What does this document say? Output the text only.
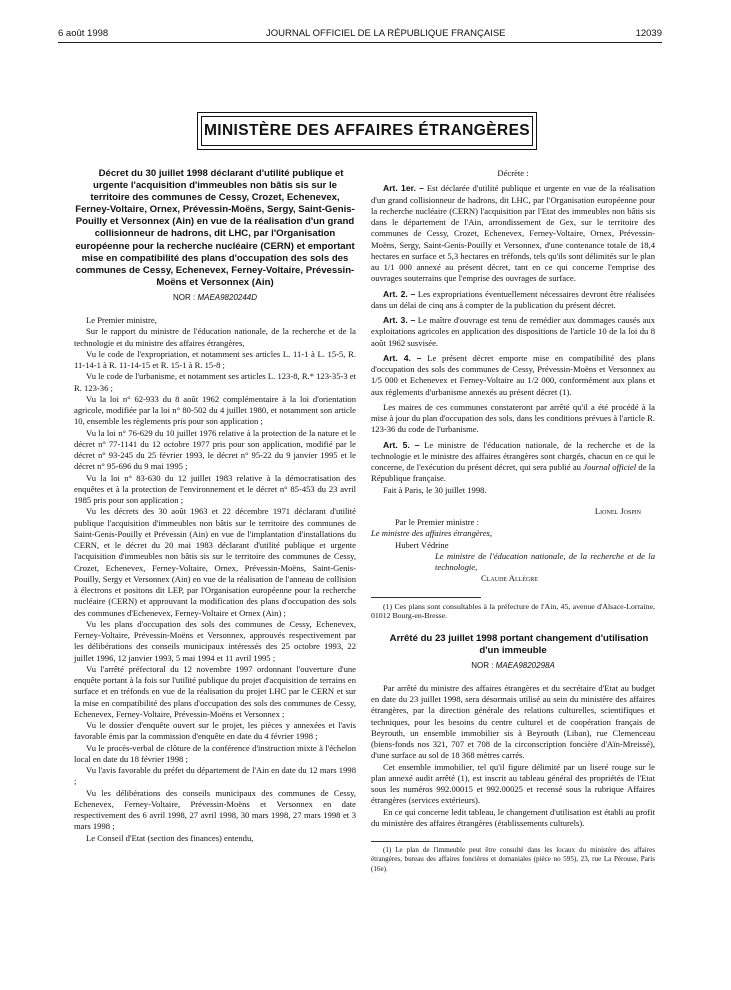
6 août 1998	JOURNAL OFFICIEL DE LA RÉPUBLIQUE FRANÇAISE	12039
MINISTÈRE DES AFFAIRES ÉTRANGÈRES

Décret du 30 juillet 1998 déclarant d'utilité publique et urgente l'acquisition d'immeubles non bâtis sis sur le territoire des communes de Cessy, Crozet, Echenevex, Ferney-Voltaire, Ornex, Prévessin-Moëns, Sergy, Saint-Genis-Pouilly et Versonnex (Ain) en vue de la réalisation d'un grand collisionneur de hadrons, dit LHC, par l'Organisation européenne pour la recherche nucléaire (CERN) et emportant mise en compatibilité des plans d'occupation des sols des communes de Cessy, Echenevex, Ferney-Voltaire, Prévessin-Moëns et Versonnex (Ain)

NOR : MAEA9820244D

Le Premier ministre,

Sur le rapport du ministre de l'éducation nationale, de la recherche et de la technologie et du ministre des affaires étrangères,

Vu le code de l'expropriation, et notamment ses articles L. 11-1 à L. 15-5, R. 11-14-1 à R. 11-14-15 et R. 15-1 à R. 15-8 ;

Vu le code de l'urbanisme, et notamment ses articles L. 123-8, R.* 123-35-3 et R. 123-36 ;

Vu la loi n° 62-933 du 8 août 1962 complémentaire à la loi d'orientation agricole, modifiée par la loi n° 80-502 du 4 juillet 1980, et notamment son article 10, ensemble les règlements pris pour son application ;

Vu la loi n° 76-629 du 10 juillet 1976 relative à la protection de la nature et le décret n° 77-1141 du 12 octobre 1977 pris pour son application, modifié par le décret n° 93-245 du 25 février 1993, le décret n° 95-22 du 9 janvier 1995 et le décret n° 95-696 du 9 mai 1995 ;

Vu la loi n° 83-630 du 12 juillet 1983 relative à la démocratisation des enquêtes et à la protection de l'environnement et le décret n° 85-453 du 23 avril 1985 pris pour son application ;

Vu les décrets des 30 août 1963 et 22 décembre 1971 déclarant d'utilité publique l'acquisition d'immeubles non bâtis sur le territoire des communes de Saint-Genis-Pouilly et Prévessin (Ain) en vue de l'implantation d'installations du CERN, et le décret du 20 mai 1983 déclarant d'utilité publique et urgente l'acquisition d'immeubles non bâtis sis sur le territoire des communes de Cessy, Crozet, Echenevex, Ferney-Voltaire, Ornex, Prévessin-Moëns, Saint-Genis-Pouilly, Sergy et Versonnex (Ain) en vue de la réalisation de l'anneau de collision à électrons et positons dit LEP, par l'Organisation européenne pour la recherche nucléaire (CERN) et approuvant la modification des plans d'occupation des sols des communes d'Echenevex, Ferney-Voltaire et Ornex (Ain) ;

Vu les plans d'occupation des sols des communes de Cessy, Echenevex, Ferney-Voltaire, Prévessin-Moëns et Versonnex, approuvés respectivement par les délibérations des conseils municipaux intéressés des 25 octobre 1993, 22 juillet 1996, 12 janvier 1993, 5 mai 1994 et 11 avril 1995 ;

Vu l'arrêté préfectoral du 12 novembre 1997 ordonnant l'ouverture d'une enquête portant à la fois sur l'utilité publique du projet d'acquisition de terrains en surface et en tréfonds en vue de la réalisation du projet LHC par le CERN et sur la mise en compatibilité des plans d'occupation des sols des communes de Cessy, Echenevex, Ferney-Voltaire, Prévessin-Moëns et Versonnex ;

Vu le dossier d'enquête ouvert sur le projet, les pièces y annexées et l'avis favorable émis par la commission d'enquête en date du 4 février 1998 ;

Vu le procès-verbal de clôture de la conférence d'instruction mixte à l'échelon local en date du 18 février 1998 ;

Vu l'avis favorable du préfet du département de l'Ain en date du 12 mars 1998 ;

Vu les délibérations des conseils municipaux des communes de Cessy, Echenevex, Ferney-Voltaire, Prévessin-Moëns et Versonnex en date respectivement des 6 avril 1998, 27 avril 1998, 30 mars 1998, 27 mars 1998 et 3 mars 1998 ;

Le Conseil d'Etat (section des finances) entendu,

Décrète :

Art. 1er. – Est déclarée d'utilité publique et urgente en vue de la réalisation d'un grand collisionneur de hadrons, dit LHC, par l'Organisation européenne pour la recherche nucléaire (CERN) l'acquisition par l'Etat des immeubles non bâtis sis dans le département de l'Ain, arrondissement de Gex, sur le territoire des communes de Cessy, Crozet, Echenevex, Ferney-Voltaire, Ornex, Prévessin-Moëns, Sergy, Saint-Genis-Pouilly et Versonnex, d'une contenance totale de 18,4 hectares en surface et 5,3 hectares en tréfonds, tels qu'ils sont délimités sur le plan au 1/1 000 annexé au présent décret, tant en ce qui concerne l'emprise des ouvrages souterrains que l'emprise des ouvrages de surface.

Art. 2. – Les expropriations éventuellement nécessaires devront être réalisées dans un délai de cinq ans à compter de la publication du présent décret.

Art. 3. – Le maître d'ouvrage est tenu de remédier aux dommages causés aux exploitations agricoles en application des dispositions de l'article 10 de la loi du 8 août 1962 susvisée.

Art. 4. – Le présent décret emporte mise en compatibilité des plans d'occupation des sols des communes de Cessy, Prévessin-Moëns et Versonnex au 1/5 000 et Echenevex et Ferney-Voltaire au 1/2 000, conformément aux plans et aux règlements d'urbanisme annexés au présent décret (1).

Les maires de ces communes constateront par arrêté qu'il a été procédé à la mise à jour du plan d'occupation des sols, dans les conditions prévues à l'article R. 123-36 du code de l'urbanisme.

Art. 5. – Le ministre de l'éducation nationale, de la recherche et de la technologie et le ministre des affaires étrangères sont chargés, chacun en ce qui le concerne, de l'exécution du présent décret, qui sera publié au Journal officiel de la République française.

Fait à Paris, le 30 juillet 1998.

Lionel Jospin
Par le Premier ministre :
Le ministre des affaires étrangères,
Hubert Védrine
Le ministre de l'éducation nationale, de la recherche et de la technologie,
Claude Allègre

(1) Ces plans sont consultables à la préfecture de l'Ain, 45, avenue d'Alsace-Lorraine, 01012 Bourg-en-Bresse.

Arrêté du 23 juillet 1998 portant changement d'utilisation d'un immeuble

NOR : MAEA9820298A

Par arrêté du ministre des affaires étrangères et du secrétaire d'Etat au budget en date du 23 juillet 1998, sera désormais utilisé au sein du ministère des affaires étrangères, par la direction générale des relations culturelles, scientifiques et techniques, pour les besoins du centre culturel et de coopération français de Beyrouth, un ensemble immobilier sis à Beyrouth (Liban), rue Clemenceau (biens-fonds nos 321, 707 et 708 de la circonscription foncière d'Aïn-Mreissé), d'une surface au sol de 18 368 mètres carrés.

Cet ensemble immobilier, tel qu'il figure délimité par un liseré rouge sur le plan annexé audit arrêté (1), est inscrit au tableau général des propriétés de l'Etat sous les numéros 992.00015 et 992.00025 et recensé sous la rubrique Affaires étrangères (services extérieurs).

En ce qui concerne ledit tableau, le changement d'utilisation est établi au profit du ministère des affaires étrangères (établissements culturels).

(1) Le plan de l'immeuble peut être consulté dans les locaux du ministère des affaires étrangères, bureau des affaires foncières et domaniales (pièce no 595), 23, rue La Pérouse, Paris (16e).
